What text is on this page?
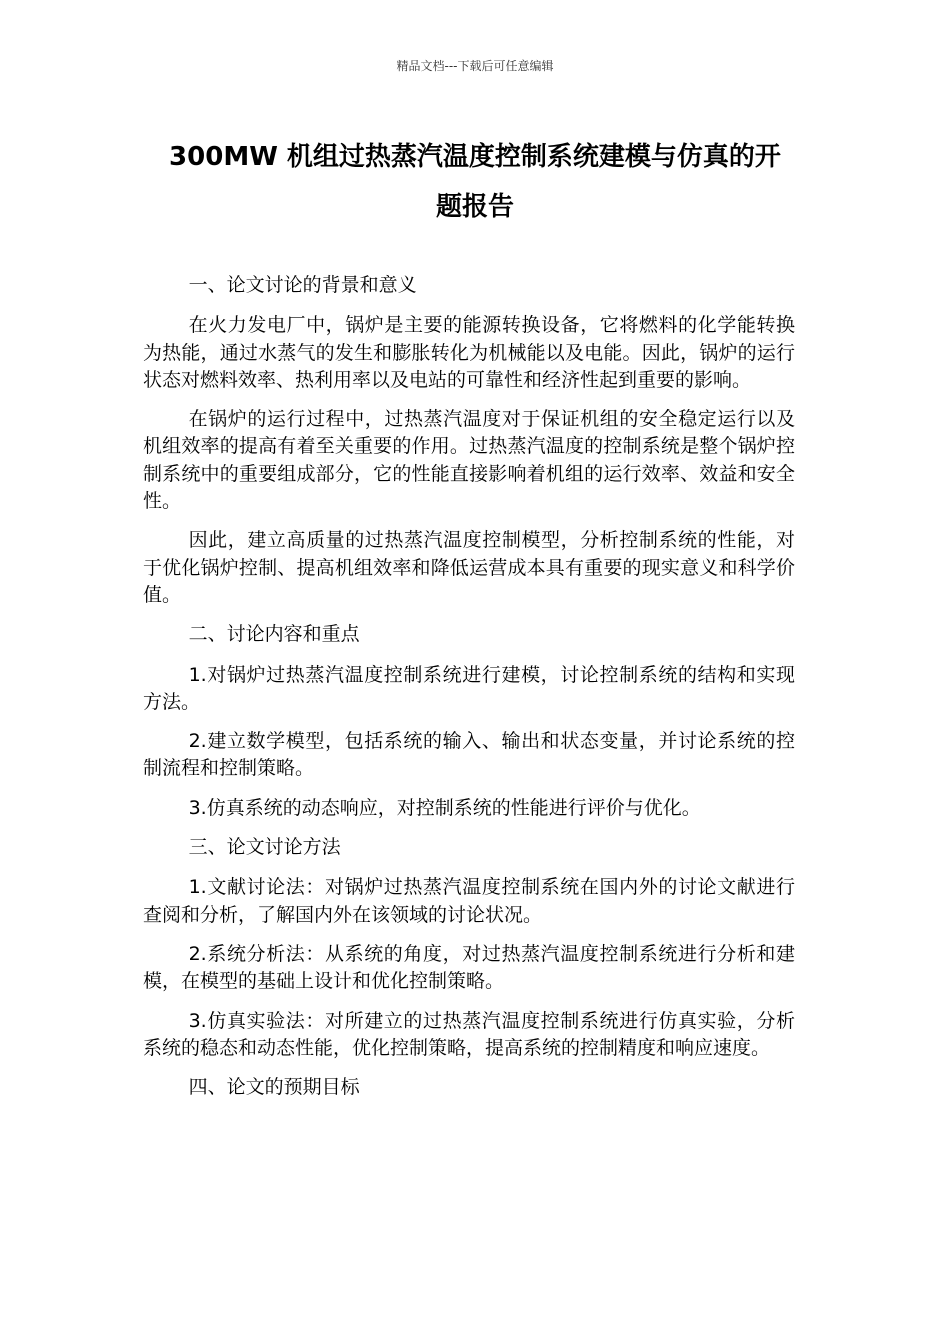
精品文档---下载后可任意编辑
300MW 机组过热蒸汽温度控制系统建模与仿真的开
题报告

一、论文讨论的背景和意义

在火力发电厂中，锅炉是主要的能源转换设备，它将燃料的化学能转换为热能，通过水蒸气的发生和膨胀转化为机械能以及电能。因此，锅炉的运行状态对燃料效率、热利用率以及电站的可靠性和经济性起到重要的影响。

在锅炉的运行过程中，过热蒸汽温度对于保证机组的安全稳定运行以及机组效率的提高有着至关重要的作用。过热蒸汽温度的控制系统是整个锅炉控制系统中的重要组成部分，它的性能直接影响着机组的运行效率、效益和安全性。

因此，建立高质量的过热蒸汽温度控制模型，分析控制系统的性能，对于优化锅炉控制、提高机组效率和降低运营成本具有重要的现实意义和科学价值。

二、讨论内容和重点

1.对锅炉过热蒸汽温度控制系统进行建模，讨论控制系统的结构和实现方法。

2.建立数学模型，包括系统的输入、输出和状态变量，并讨论系统的控制流程和控制策略。

3.仿真系统的动态响应，对控制系统的性能进行评价与优化。

三、论文讨论方法

1.文献讨论法：对锅炉过热蒸汽温度控制系统在国内外的讨论文献进行查阅和分析，了解国内外在该领域的讨论状况。

2.系统分析法：从系统的角度，对过热蒸汽温度控制系统进行分析和建模，在模型的基础上设计和优化控制策略。

3.仿真实验法：对所建立的过热蒸汽温度控制系统进行仿真实验，分析系统的稳态和动态性能，优化控制策略，提高系统的控制精度和响应速度。

四、论文的预期目标
